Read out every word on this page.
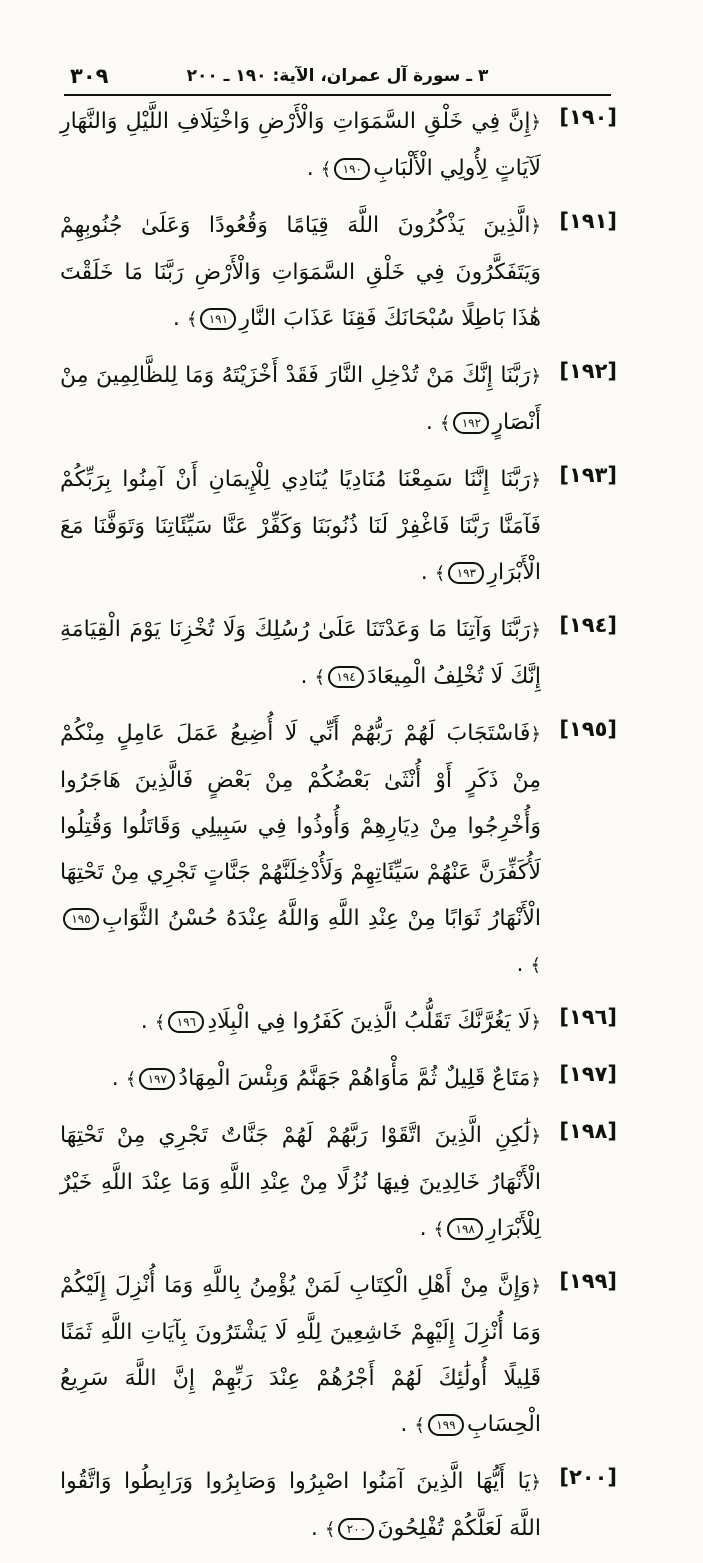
٣٠٩	٣ ـ سورة آل عمران، الآية: ١٩٠ ـ ٢٠٠
[١٩٠]
﴿إِنَّ فِي خَلْقِ السَّمَوَاتِ وَالْأَرْضِ وَاخْتِلَافِ اللَّيْلِ وَالنَّهَارِ لَآيَاتٍ لِأُولِي الْأَلْبَابِ١٩٠﴾ .
[١٩١]
﴿الَّذِينَ يَذْكُرُونَ اللَّهَ قِيَامًا وَقُعُودًا وَعَلَىٰ جُنُوبِهِمْ وَيَتَفَكَّرُونَ فِي خَلْقِ السَّمَوَاتِ وَالْأَرْضِ رَبَّنَا مَا خَلَقْتَ هَٰذَا بَاطِلًا سُبْحَانَكَ فَقِنَا عَذَابَ النَّارِ١٩١﴾ .
[١٩٢]
﴿رَبَّنَا إِنَّكَ مَنْ تُدْخِلِ النَّارَ فَقَدْ أَخْزَيْتَهُ وَمَا لِلظَّالِمِينَ مِنْ أَنْصَارٍ١٩٢﴾ .
[١٩٣]
﴿رَبَّنَا إِنَّنَا سَمِعْنَا مُنَادِيًا يُنَادِي لِلْإِيمَانِ أَنْ آمِنُوا بِرَبِّكُمْ فَآمَنَّا رَبَّنَا فَاغْفِرْ لَنَا ذُنُوبَنَا وَكَفِّرْ عَنَّا سَيِّئَاتِنَا وَتَوَفَّنَا مَعَ الْأَبْرَارِ١٩٣﴾ .
[١٩٤]
﴿رَبَّنَا وَآتِنَا مَا وَعَدْتَنَا عَلَىٰ رُسُلِكَ وَلَا تُخْزِنَا يَوْمَ الْقِيَامَةِ إِنَّكَ لَا تُخْلِفُ الْمِيعَادَ١٩٤﴾ .
[١٩٥]
﴿فَاسْتَجَابَ لَهُمْ رَبُّهُمْ أَنِّي لَا أُضِيعُ عَمَلَ عَامِلٍ مِنْكُمْ مِنْ ذَكَرٍ أَوْ أُنْثَىٰ بَعْضُكُمْ مِنْ بَعْضٍ فَالَّذِينَ هَاجَرُوا وَأُخْرِجُوا مِنْ دِيَارِهِمْ وَأُوذُوا فِي سَبِيلِي وَقَاتَلُوا وَقُتِلُوا لَأُكَفِّرَنَّ عَنْهُمْ سَيِّئَاتِهِمْ وَلَأُدْخِلَنَّهُمْ جَنَّاتٍ تَجْرِي مِنْ تَحْتِهَا الْأَنْهَارُ ثَوَابًا مِنْ عِنْدِ اللَّهِ وَاللَّهُ عِنْدَهُ حُسْنُ الثَّوَابِ١٩٥﴾ .
[١٩٦]
﴿لَا يَغُرَّنَّكَ تَقَلُّبُ الَّذِينَ كَفَرُوا فِي الْبِلَادِ١٩٦﴾ .
[١٩٧]
﴿مَتَاعٌ قَلِيلٌ ثُمَّ مَأْوَاهُمْ جَهَنَّمُ وَبِئْسَ الْمِهَادُ١٩٧﴾ .
[١٩٨]
﴿لَٰكِنِ الَّذِينَ اتَّقَوْا رَبَّهُمْ لَهُمْ جَنَّاتٌ تَجْرِي مِنْ تَحْتِهَا الْأَنْهَارُ خَالِدِينَ فِيهَا نُزُلًا مِنْ عِنْدِ اللَّهِ وَمَا عِنْدَ اللَّهِ خَيْرٌ لِلْأَبْرَارِ١٩٨﴾ .
[١٩٩]
﴿وَإِنَّ مِنْ أَهْلِ الْكِتَابِ لَمَنْ يُؤْمِنُ بِاللَّهِ وَمَا أُنْزِلَ إِلَيْكُمْ وَمَا أُنْزِلَ إِلَيْهِمْ خَاشِعِينَ لِلَّهِ لَا يَشْتَرُونَ بِآيَاتِ اللَّهِ ثَمَنًا قَلِيلًا أُولَٰئِكَ لَهُمْ أَجْرُهُمْ عِنْدَ رَبِّهِمْ إِنَّ اللَّهَ سَرِيعُ الْحِسَابِ١٩٩﴾ .
[٢٠٠]
﴿يَا أَيُّهَا الَّذِينَ آمَنُوا اصْبِرُوا وَصَابِرُوا وَرَابِطُوا وَاتَّقُوا اللَّهَ لَعَلَّكُمْ تُفْلِحُونَ٢٠٠﴾ .
